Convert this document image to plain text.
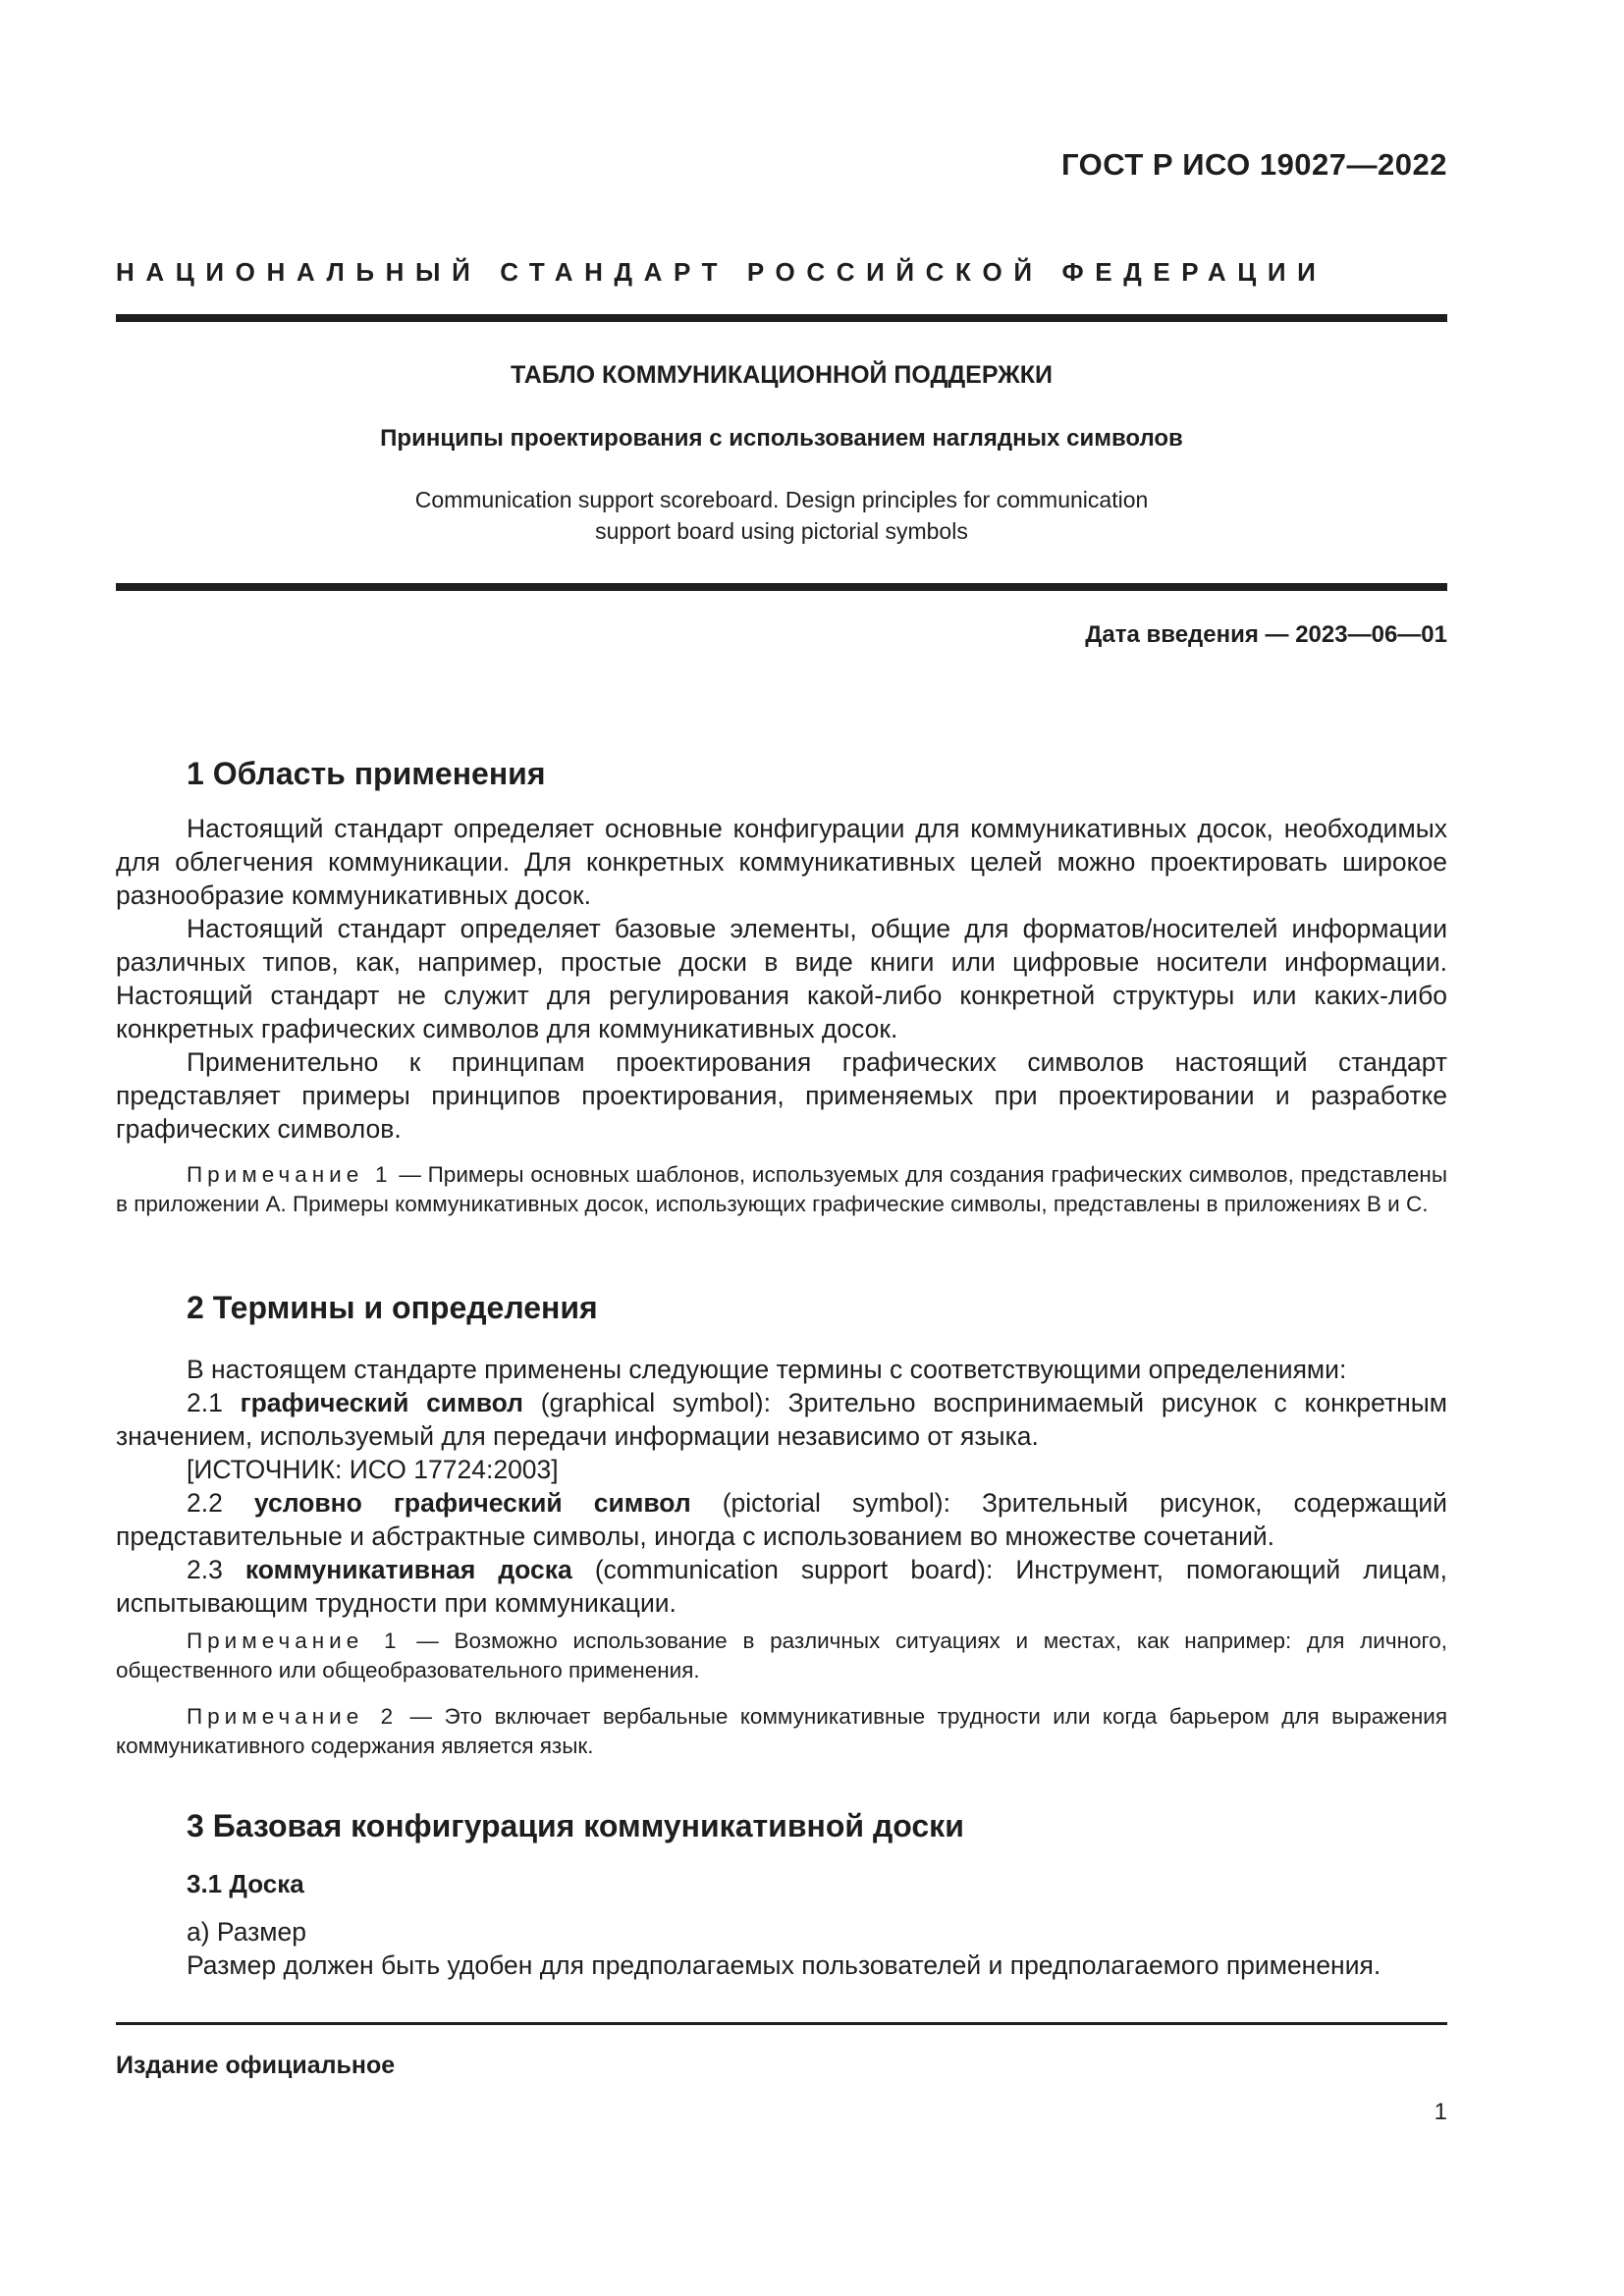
ГОСТ Р ИСО 19027—2022
НАЦИОНАЛЬНЫЙ СТАНДАРТ РОССИЙСКОЙ ФЕДЕРАЦИИ
ТАБЛО КОММУНИКАЦИОННОЙ ПОДДЕРЖКИ
Принципы проектирования с использованием наглядных символов
Communication support scoreboard. Design principles for communication
support board using pictorial symbols
Дата введения — 2023—06—01
1 Область применения

Настоящий стандарт определяет основные конфигурации для коммуникативных досок, необходимых для облегчения коммуникации. Для конкретных коммуникативных целей можно проектировать широкое разнообразие коммуникативных досок.

Настоящий стандарт определяет базовые элементы, общие для форматов/носителей информации различных типов, как, например, простые доски в виде книги или цифровые носители информации. Настоящий стандарт не служит для регулирования какой-либо конкретной структуры или каких-либо конкретных графических символов для коммуникативных досок.

Применительно к принципам проектирования графических символов настоящий стандарт представляет примеры принципов проектирования, применяемых при проектировании и разработке графических символов.

Примечание 1 — Примеры основных шаблонов, используемых для создания графических символов, представлены в приложении А. Примеры коммуникативных досок, использующих графические символы, представлены в приложениях В и С.
2 Термины и определения

В настоящем стандарте применены следующие термины с соответствующими определениями:

2.1 графический символ (graphical symbol): Зрительно воспринимаемый рисунок с конкретным значением, используемый для передачи информации независимо от языка.

[ИСТОЧНИК: ИСО 17724:2003]

2.2 условно графический символ (pictorial symbol): Зрительный рисунок, содержащий представительные и абстрактные символы, иногда с использованием во множестве сочетаний.

2.3 коммуникативная доска (communication support board): Инструмент, помогающий лицам, испытывающим трудности при коммуникации.

Примечание 1 — Возможно использование в различных ситуациях и местах, как например: для личного, общественного или общеобразовательного применения.
Примечание 2 — Это включает вербальные коммуникативные трудности или когда барьером для выражения коммуникативного содержания является язык.
3 Базовая конфигурация коммуникативной доски
3.1 Доска

а) Размер

Размер должен быть удобен для предполагаемых пользователей и предполагаемого применения.

Издание официальное
1
